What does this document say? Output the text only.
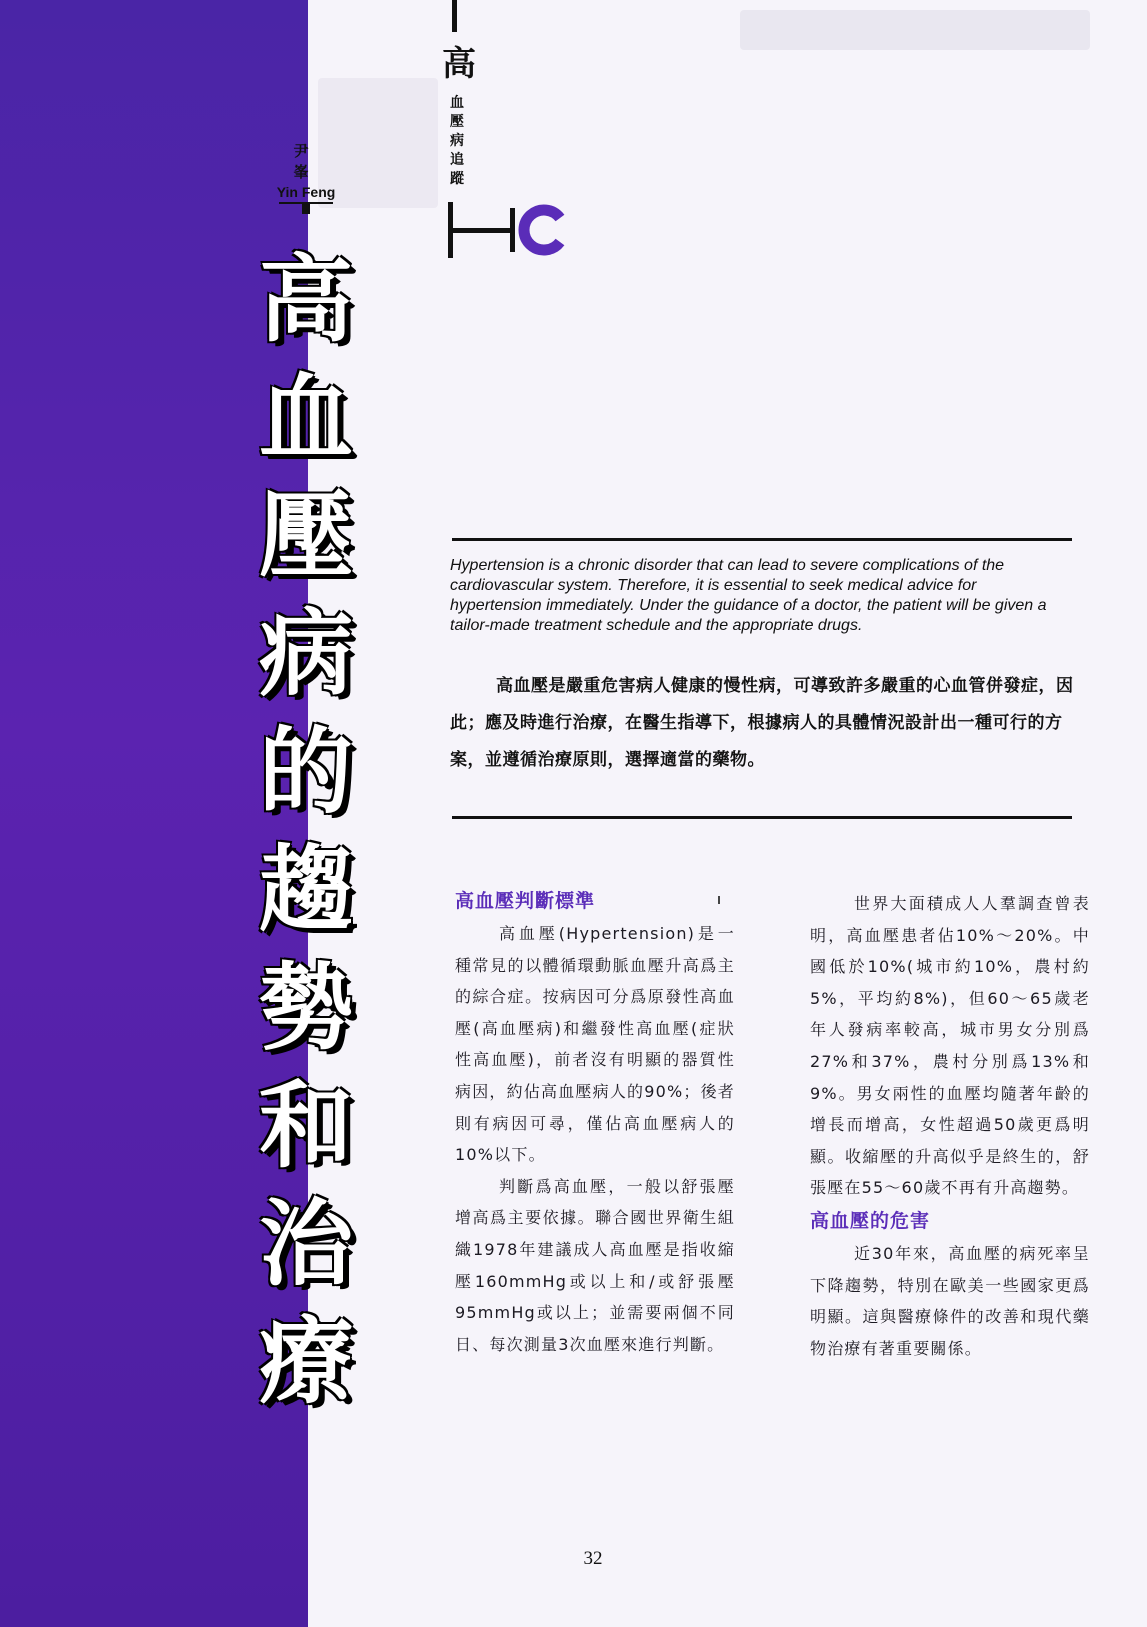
尹 峯
Yin Feng
高
血
壓
病
的
趨
勢
和
治
療
高
血
壓
病
追
蹤
Hypertension is a chronic disorder that can lead to severe complications of the cardiovascular system. Therefore, it is essential to seek medical advice for hypertension immediately. Under the guidance of a doctor, the patient will be given a tailor-made treatment schedule and the appropriate drugs.
高血壓是嚴重危害病人健康的慢性病，可導致許多嚴重的心血管併發症，因此；應及時進行治療，在醫生指導下，根據病人的具體情況設計出一種可行的方案，並遵循治療原則，選擇適當的藥物。
高血壓判斷標準

高血壓(Hypertension)是一種常見的以體循環動脈血壓升高爲主的綜合症。按病因可分爲原發性高血壓(高血壓病)和繼發性高血壓(症狀性高血壓)，前者沒有明顯的器質性病因，約佔高血壓病人的90%；後者則有病因可尋，僅佔高血壓病人的10%以下。

判斷爲高血壓，一般以舒張壓增高爲主要依據。聯合國世界衛生組織1978年建議成人高血壓是指收縮壓160mmHg或以上和/或舒張壓95mmHg或以上；並需要兩個不同日、每次測量3次血壓來進行判斷。

世界大面積成人人羣調查曾表明，高血壓患者佔10%～20%。中國低於10%(城市約10%，農村約5%，平均約8%)，但60～65歲老年人發病率較高，城市男女分別爲27%和37%，農村分別爲13%和9%。男女兩性的血壓均隨著年齡的增長而增高，女性超過50歲更爲明顯。收縮壓的升高似乎是終生的，舒張壓在55～60歲不再有升高趨勢。

高血壓的危害

近30年來，高血壓的病死率呈下降趨勢，特別在歐美一些國家更爲明顯。這與醫療條件的改善和現代藥物治療有著重要關係。

32
